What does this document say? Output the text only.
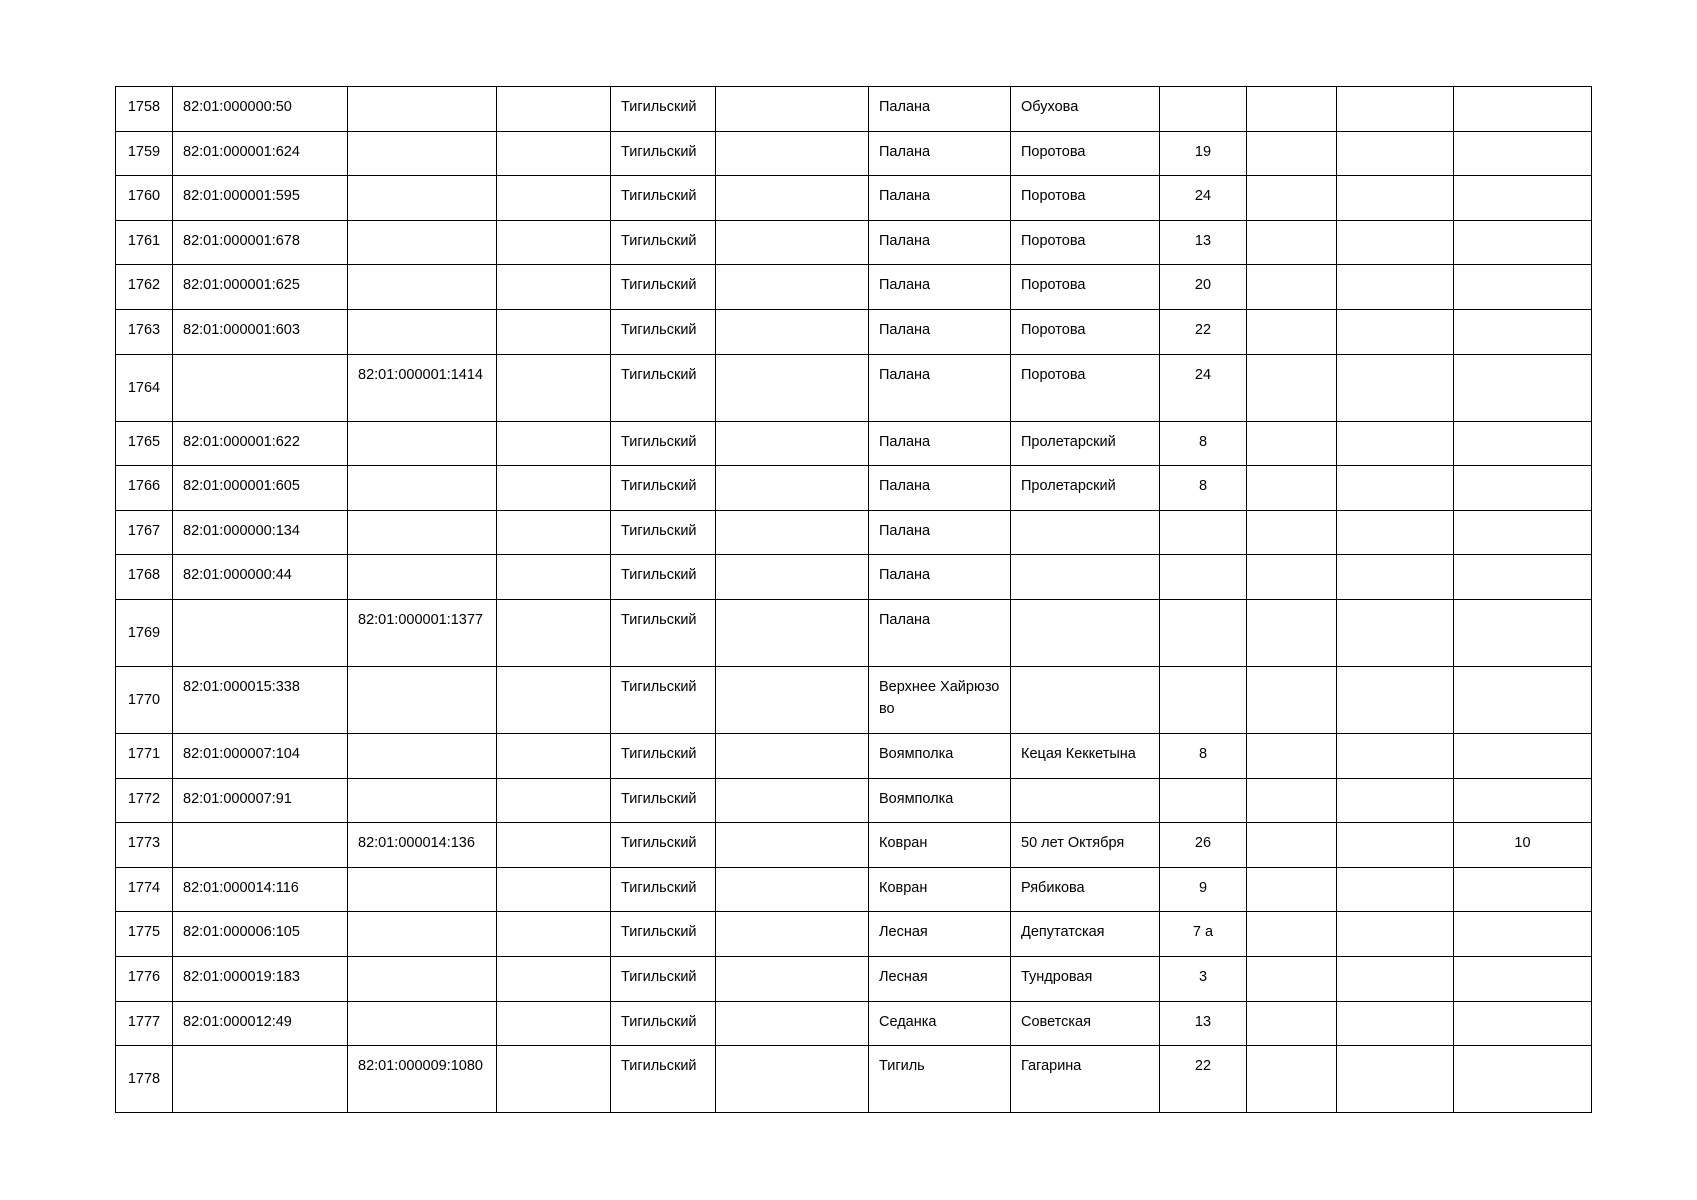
1758	82:01:000000:50			Тигильский		Палана	Обухова				
1759	82:01:000001:624			Тигильский		Палана	Поротова	19			
1760	82:01:000001:595			Тигильский		Палана	Поротова	24			
1761	82:01:000001:678			Тигильский		Палана	Поротова	13			
1762	82:01:000001:625			Тигильский		Палана	Поротова	20			
1763	82:01:000001:603			Тигильский		Палана	Поротова	22			
1764		82:01:000001:1414		Тигильский		Палана	Поротова	24			
1765	82:01:000001:622			Тигильский		Палана	Пролетарский	8			
1766	82:01:000001:605			Тигильский		Палана	Пролетарский	8			
1767	82:01:000000:134			Тигильский		Палана					
1768	82:01:000000:44			Тигильский		Палана					
1769		82:01:000001:1377		Тигильский		Палана					
1770	82:01:000015:338			Тигильский		Верхнее Хайрюзово					
1771	82:01:000007:104			Тигильский		Воямполка	Кецая Кеккетына	8			
1772	82:01:000007:91			Тигильский		Воямполка					
1773		82:01:000014:136		Тигильский		Ковран	50 лет Октября	26			10
1774	82:01:000014:116			Тигильский		Ковран	Рябикова	9			
1775	82:01:000006:105			Тигильский		Лесная	Депутатская	7 а			
1776	82:01:000019:183			Тигильский		Лесная	Тундровая	3			
1777	82:01:000012:49			Тигильский		Седанка	Советская	13			
1778		82:01:000009:1080		Тигильский		Тигиль	Гагарина	22			
